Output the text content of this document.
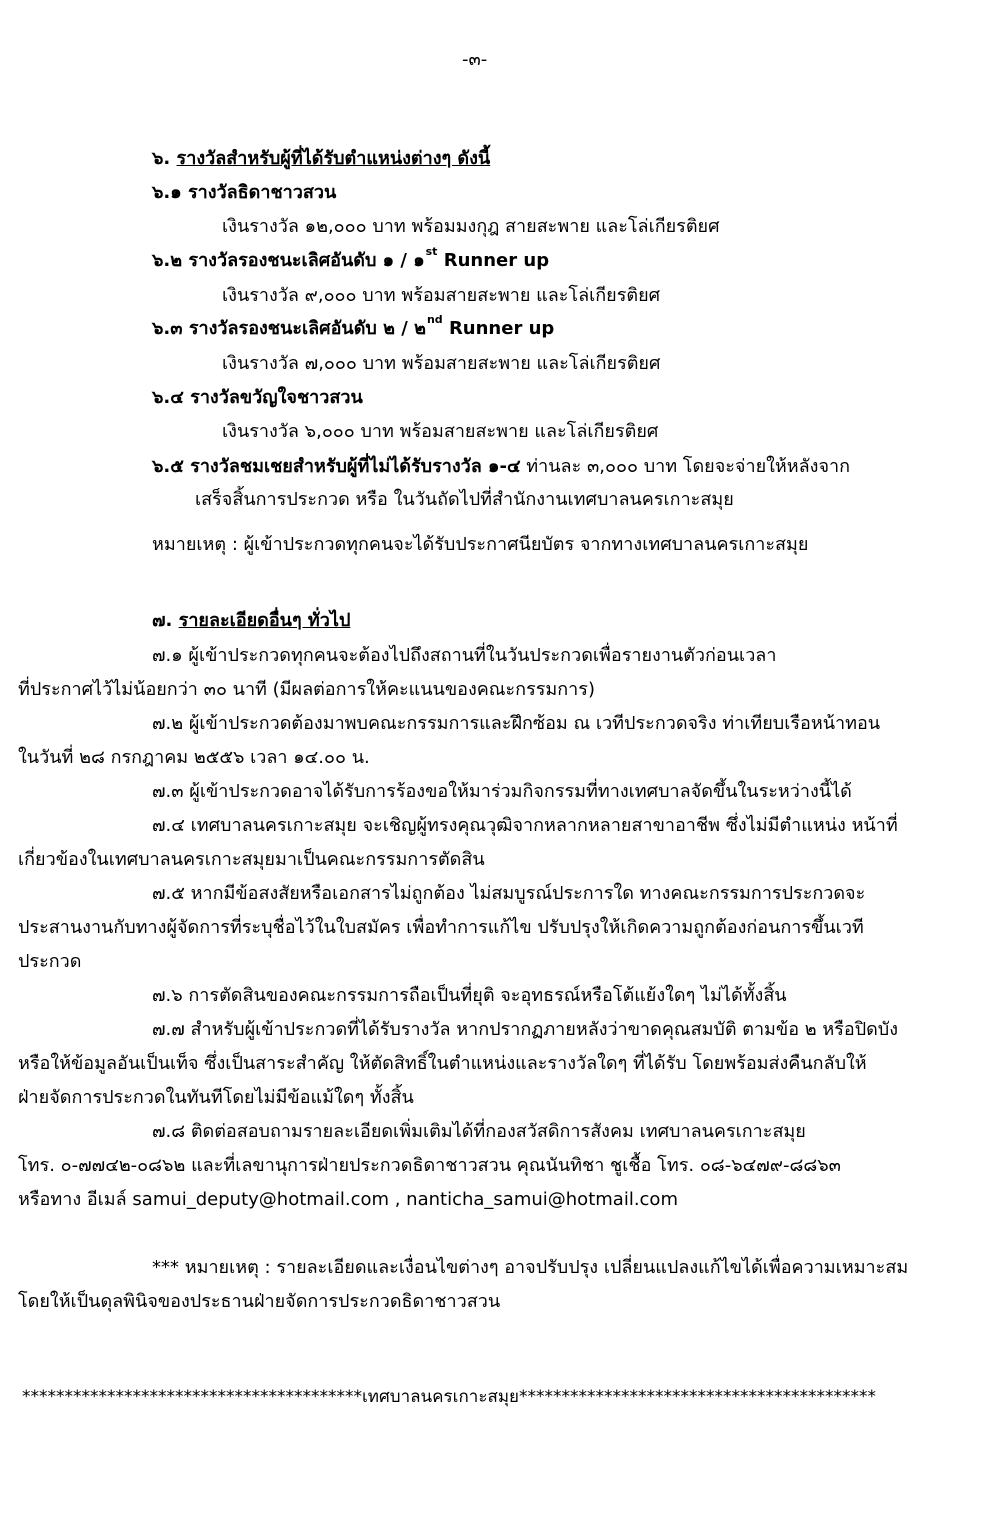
-๓-
๖. รางวัลสำหรับผู้ที่ได้รับตำแหน่งต่างๆ ดังนี้
๖.๑ รางวัลธิดาชาวสวน
เงินรางวัล ๑๒,๐๐๐ บาท พร้อมมงกุฎ สายสะพาย และโล่เกียรติยศ
๖.๒ รางวัลรองชนะเลิศอันดับ ๑ / ๑$^{st}$ Runner up
เงินรางวัล ๙,๐๐๐ บาท พร้อมสายสะพาย และโล่เกียรติยศ
๖.๓ รางวัลรองชนะเลิศอันดับ ๒ / ๒$^{nd}$ Runner up
เงินรางวัล ๗,๐๐๐ บาท พร้อมสายสะพาย และโล่เกียรติยศ
๖.๔ รางวัลขวัญใจชาวสวน
เงินรางวัล ๖,๐๐๐ บาท พร้อมสายสะพาย และโล่เกียรติยศ
๖.๕ รางวัลชมเชยสำหรับผู้ที่ไม่ได้รับรางวัล ๑-๔ ท่านละ ๓,๐๐๐ บาท โดยจะจ่ายให้หลังจาก
เสร็จสิ้นการประกวด หรือ ในวันถัดไปที่สำนักงานเทศบาลนครเกาะสมุย
หมายเหตุ : ผู้เข้าประกวดทุกคนจะได้รับประกาศนียบัตร จากทางเทศบาลนครเกาะสมุย
๗. รายละเอียดอื่นๆ ทั่วไป
๗.๑ ผู้เข้าประกวดทุกคนจะต้องไปถึงสถานที่ในวันประกวดเพื่อรายงานตัวก่อนเวลา
ที่ประกาศไว้ไม่น้อยกว่า ๓๐ นาที (มีผลต่อการให้คะแนนของคณะกรรมการ)
๗.๒ ผู้เข้าประกวดต้องมาพบคณะกรรมการและฝึกซ้อม ณ เวทีประกวดจริง ท่าเทียบเรือหน้าทอน
ในวันที่ ๒๘ กรกฎาคม ๒๕๕๖ เวลา ๑๔.๐๐ น.
๗.๓ ผู้เข้าประกวดอาจได้รับการร้องขอให้มาร่วมกิจกรรมที่ทางเทศบาลจัดขึ้นในระหว่างนี้ได้
๗.๔ เทศบาลนครเกาะสมุย จะเชิญผู้ทรงคุณวุฒิจากหลากหลายสาขาอาชีพ ซึ่งไม่มีตำแหน่ง หน้าที่
เกี่ยวข้องในเทศบาลนครเกาะสมุยมาเป็นคณะกรรมการตัดสิน
๗.๕ หากมีข้อสงสัยหรือเอกสารไม่ถูกต้อง ไม่สมบูรณ์ประการใด ทางคณะกรรมการประกวดจะ
ประสานงานกับทางผู้จัดการที่ระบุชื่อไว้ในใบสมัคร เพื่อทำการแก้ไข ปรับปรุงให้เกิดความถูกต้องก่อนการขึ้นเวที
ประกวด
๗.๖ การตัดสินของคณะกรรมการถือเป็นที่ยุติ จะอุทธรณ์หรือโต้แย้งใดๆ ไม่ได้ทั้งสิ้น
๗.๗ สำหรับผู้เข้าประกวดที่ได้รับรางวัล หากปรากฏภายหลังว่าขาดคุณสมบัติ ตามข้อ ๒ หรือปิดบัง
หรือให้ข้อมูลอันเป็นเท็จ ซึ่งเป็นสาระสำคัญ ให้ตัดสิทธิ์ในตำแหน่งและรางวัลใดๆ ที่ได้รับ โดยพร้อมส่งคืนกลับให้
ฝ่ายจัดการประกวดในทันทีโดยไม่มีข้อแม้ใดๆ ทั้งสิ้น
๗.๘ ติดต่อสอบถามรายละเอียดเพิ่มเติมได้ที่กองสวัสดิการสังคม เทศบาลนครเกาะสมุย
โทร. ๐-๗๗๔๒-๐๘๖๒ และที่เลขานุการฝ่ายประกวดธิดาชาวสวน คุณนันทิชา ชูเชื้อ โทร. ๐๘-๖๔๗๙-๘๘๖๓
หรือทาง อีเมล์ samui_deputy@hotmail.com , nanticha_samui@hotmail.com
*** หมายเหตุ : รายละเอียดและเงื่อนไขต่างๆ อาจปรับปรุง เปลี่ยนแปลงแก้ไขได้เพื่อความเหมาะสม
โดยให้เป็นดุลพินิจของประธานฝ่ายจัดการประกวดธิดาชาวสวน
****************************************เทศบาลนครเกาะสมุย******************************************
